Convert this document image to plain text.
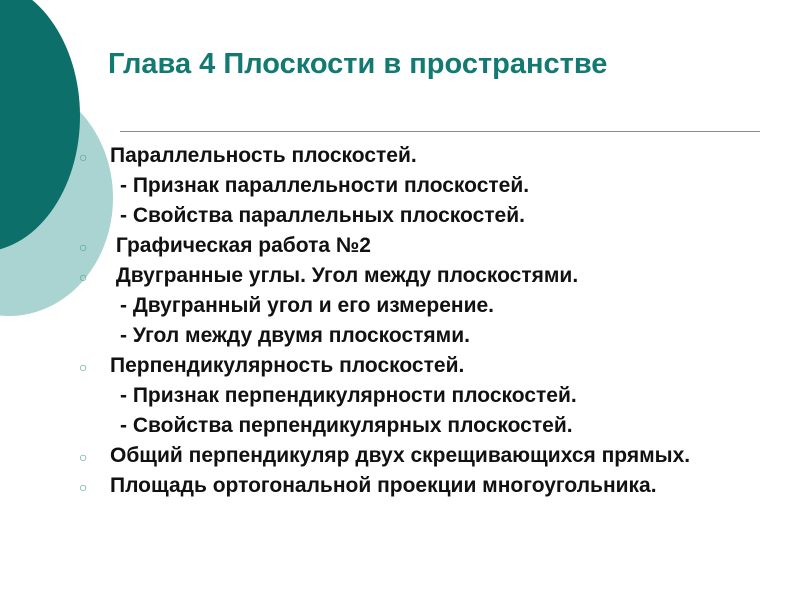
Глава 4 Плоскости в пространстве
○ Параллельность плоскостей.
- Признак параллельности плоскостей.
- Свойства параллельных плоскостей.
○ Графическая работа №2
○ Двугранные углы. Угол между плоскостями.
- Двугранный угол и его измерение.
- Угол между двумя плоскостями.
○ Перпендикулярность плоскостей.
- Признак перпендикулярности плоскостей.
- Свойства перпендикулярных плоскостей.
○ Общий перпендикуляр двух скрещивающихся прямых.
○ Площадь ортогональной проекции многоугольника.
